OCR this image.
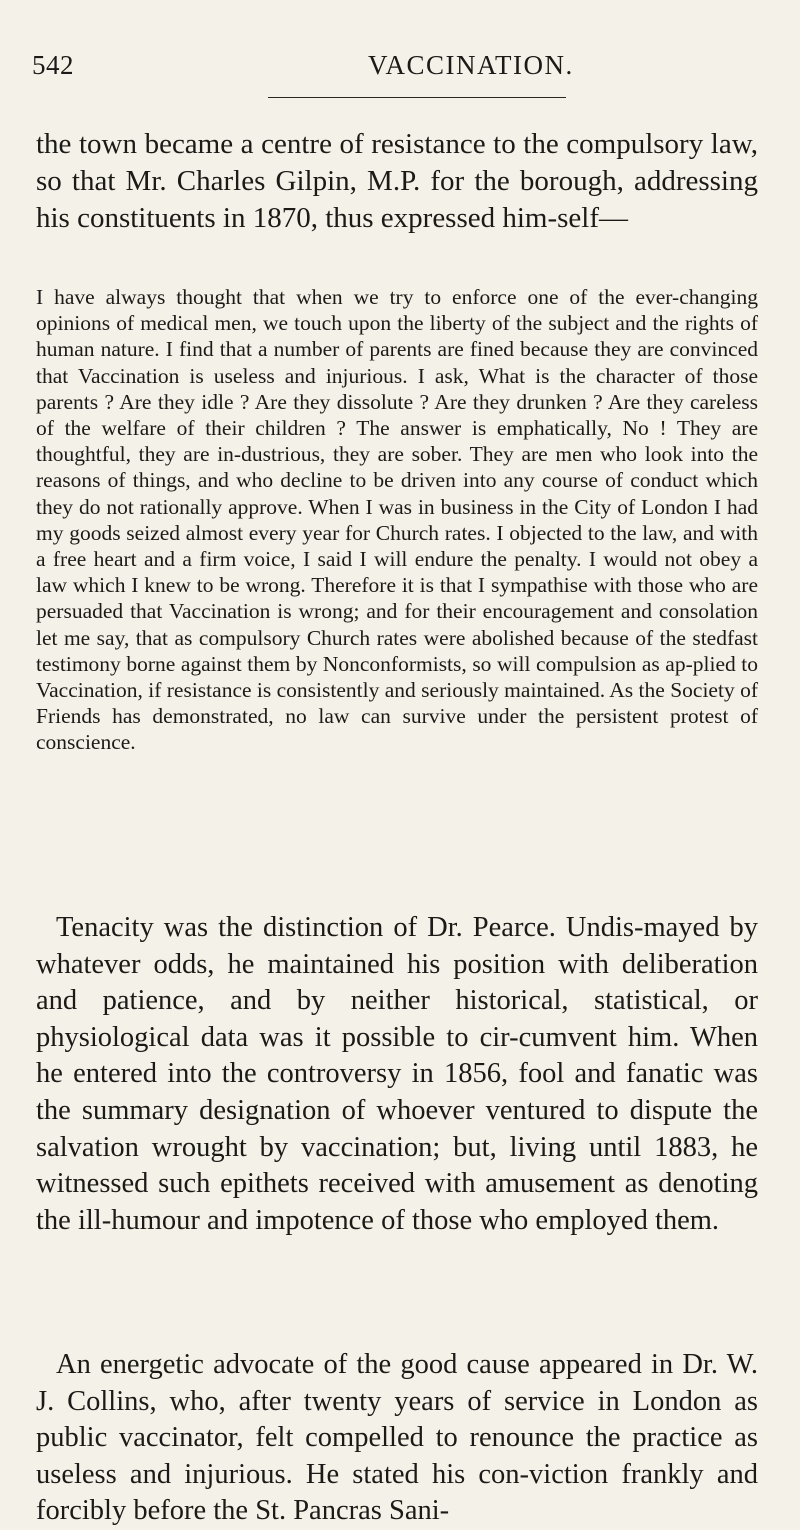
542	VACCINATION.

the town became a centre of resistance to the compulsory law, so that Mr. Charles Gilpin, M.P. for the borough, addressing his constituents in 1870, thus expressed him-self—

I have always thought that when we try to enforce one of the ever-changing opinions of medical men, we touch upon the liberty of the subject and the rights of human nature. I find that a number of parents are fined because they are convinced that Vaccination is useless and injurious. I ask, What is the character of those parents ? Are they idle ? Are they dissolute ? Are they drunken ? Are they careless of the welfare of their children ? The answer is emphatically, No ! They are thoughtful, they are in-dustrious, they are sober. They are men who look into the reasons of things, and who decline to be driven into any course of conduct which they do not rationally approve. When I was in business in the City of London I had my goods seized almost every year for Church rates. I objected to the law, and with a free heart and a firm voice, I said I will endure the penalty. I would not obey a law which I knew to be wrong. Therefore it is that I sympathise with those who are persuaded that Vaccination is wrong; and for their encouragement and consolation let me say, that as compulsory Church rates were abolished because of the stedfast testimony borne against them by Nonconformists, so will compulsion as ap-plied to Vaccination, if resistance is consistently and seriously maintained. As the Society of Friends has demonstrated, no law can survive under the persistent protest of conscience.

Tenacity was the distinction of Dr. Pearce. Undis-mayed by whatever odds, he maintained his position with deliberation and patience, and by neither historical, statistical, or physiological data was it possible to cir-cumvent him. When he entered into the controversy in 1856, fool and fanatic was the summary designation of whoever ventured to dispute the salvation wrought by vaccination; but, living until 1883, he witnessed such epithets received with amusement as denoting the ill-humour and impotence of those who employed them.

An energetic advocate of the good cause appeared in Dr. W. J. Collins, who, after twenty years of service in London as public vaccinator, felt compelled to renounce the practice as useless and injurious. He stated his con-viction frankly and forcibly before the St. Pancras Sani-
